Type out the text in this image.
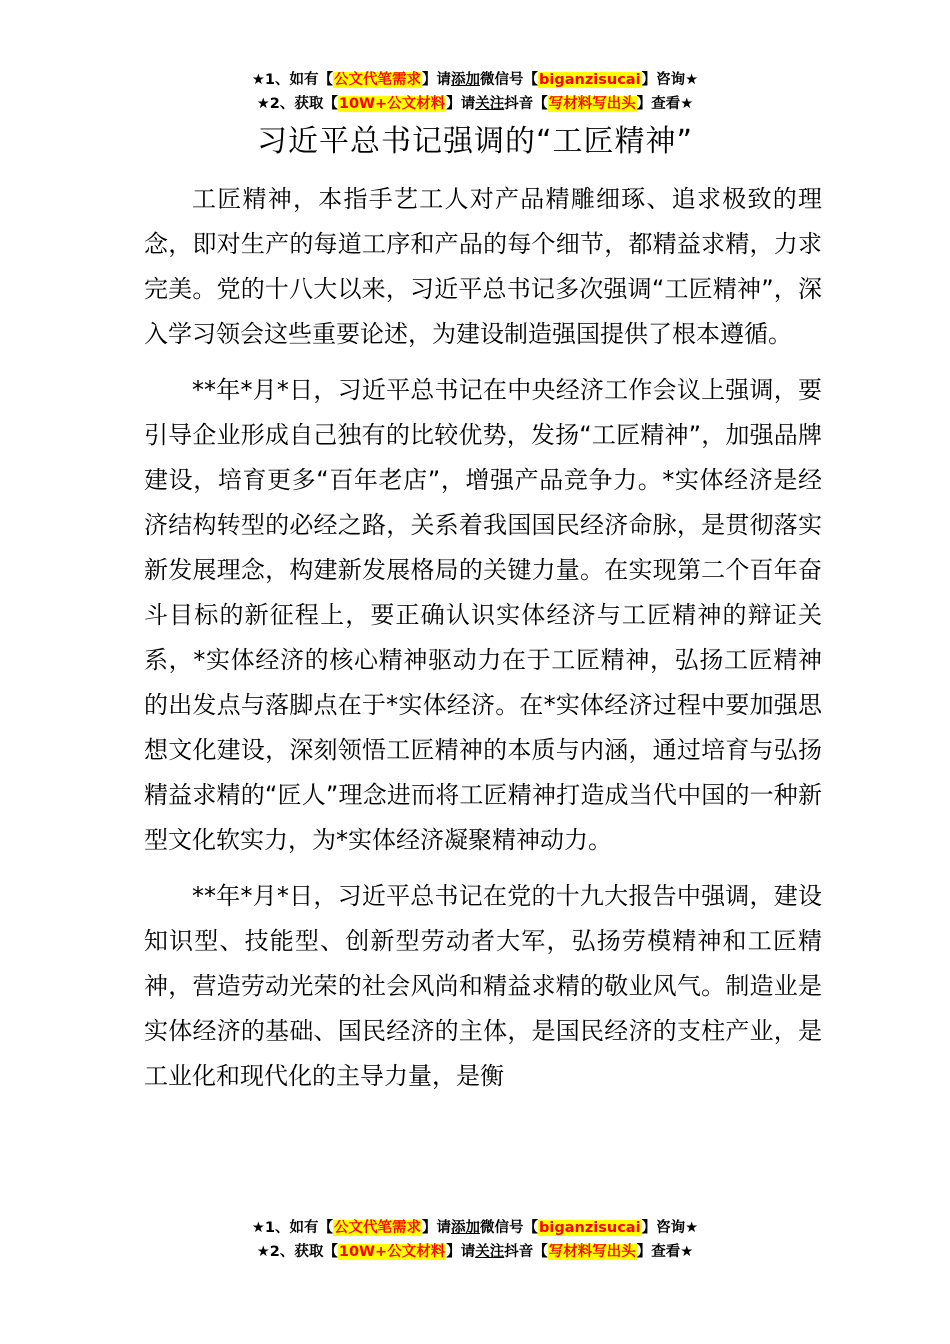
★1、如有【公文代笔需求】请添加微信号【biganzisucai】咨询★
★2、获取【10W+公文材料】请关注抖音【写材料写出头】查看★
习近平总书记强调的“工匠精神”

工匠精神，本指手艺工人对产品精雕细琢、追求极致的理念，即对生产的每道工序和产品的每个细节，都精益求精，力求完美。党的十八大以来，习近平总书记多次强调“工匠精神”，深入学习领会这些重要论述，为建设制造强国提供了根本遵循。

**年*月*日，习近平总书记在中央经济工作会议上强调，要引导企业形成自己独有的比较优势，发扬“工匠精神”，加强品牌建设，培育更多“百年老店”，增强产品竞争力。*实体经济是经济结构转型的必经之路，关系着我国国民经济命脉，是贯彻落实新发展理念，构建新发展格局的关键力量。在实现第二个百年奋斗目标的新征程上，要正确认识实体经济与工匠精神的辩证关系，*实体经济的核心精神驱动力在于工匠精神，弘扬工匠精神的出发点与落脚点在于*实体经济。在*实体经济过程中要加强思想文化建设，深刻领悟工匠精神的本质与内涵，通过培育与弘扬精益求精的“匠人”理念进而将工匠精神打造成当代中国的一种新型文化软实力，为*实体经济凝聚精神动力。

**年*月*日，习近平总书记在党的十九大报告中强调，建设知识型、技能型、创新型劳动者大军，弘扬劳模精神和工匠精神，营造劳动光荣的社会风尚和精益求精的敬业风气。制造业是实体经济的基础、国民经济的主体，是国民经济的支柱产业，是工业化和现代化的主导力量，是衡

★1、如有【公文代笔需求】请添加微信号【biganzisucai】咨询★
★2、获取【10W+公文材料】请关注抖音【写材料写出头】查看★
